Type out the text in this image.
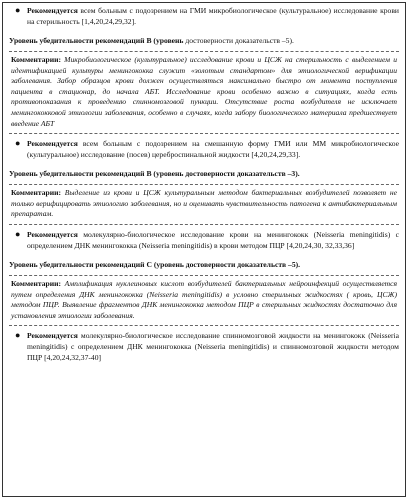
● Рекомендуется всем больным с подозрением на ГМИ микробиологическое (культуральное) исследование крови на стерильность [1,4,20,24,29,32].
Уровень убедительности рекомендаций В (уровень достоверности доказательств –5).
Комментарии: Микробиологическое (культуральное) исследование крови и ЦСЖ на стерильность с выделением и идентификацией культуры менингококка служит «золотым стандартом» для этиологической верификации заболевания. Забор образцов крови должен осуществляться максимально быстро от момента поступления пациента в стационар, до начала АБТ. Исследование крови особенно важно в ситуациях, когда есть противопоказания к проведению спинномозговой пункции. Отсутствие роста возбудителя не исключает менингококковой этиологии заболевания, особенно в случаях, когда забору биологического материала предшествует введение АБТ
● Рекомендуется всем больным с подозрением на смешанную форму ГМИ или ММ микробиологическое (культуральное) исследование (посев) цереброспинальной жидкости [4,20,24,29,33].
Уровень убедительности рекомендаций В (уровень достоверности доказательств –3).
Комментарии: Выделение из крови и ЦСЖ культуральным методом бактериальных возбудителей позволяет не только верифицировать этиологию заболевания, но и оценивать чувствительность патогена к антибактериальным препаратам.
● Рекомендуется молекулярно-биологическое исследование крови на менингококк (Neisseria meningitidis) с определением ДНК менингококка (Neisseria meningitidis) в крови методом ПЦР [4,20,24,30, 32,33,36]
Уровень убедительности рекомендаций С (уровень достоверности доказательств –5).
Комментарии: Амплификация нуклеиновых кислот возбудителей бактериальных нейроинфекций осуществляется путем определения ДНК менингококка (Neisseria meningitidis) в условно стерильных жидкостях ( кровь, ЦСЖ) методом ПЦР. Выявление фрагментов ДНК менингококка методом ПЦР в стерильных жидкостях достаточно для установления этиологии заболевания.
● Рекомендуется молекулярно-биологическое исследование спинномозговой жидкости на менингококк (Neisseria meningitidis) с определением ДНК менингококка (Neisseria meningitidis) и спинномозговой жидкости методом ПЦР [4,20,24,32,37-40]
